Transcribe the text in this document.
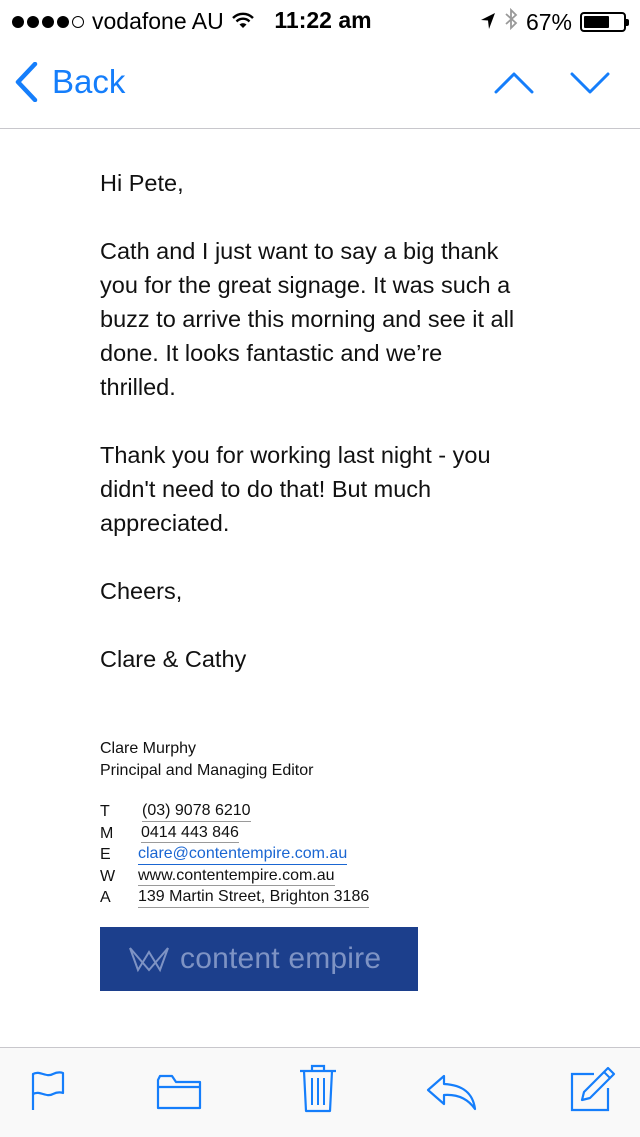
vodafone AU	11:22 am	67%
Back

Hi Pete,

Cath and I just want to say a big thank you for the great signage. It was such a buzz to arrive this morning and see it all done. It looks fantastic and we’re thrilled.

Thank you for working last night - you didn't need to do that! But much appreciated.

Cheers,

Clare & Cathy

Clare Murphy
Principal and Managing Editor
T	(03) 9078 6210
M	0414 443 846
E	clare@contentempire.com.au
W	www.contentempire.com.au
A	139 Martin Street, Brighton 3186
content empire
